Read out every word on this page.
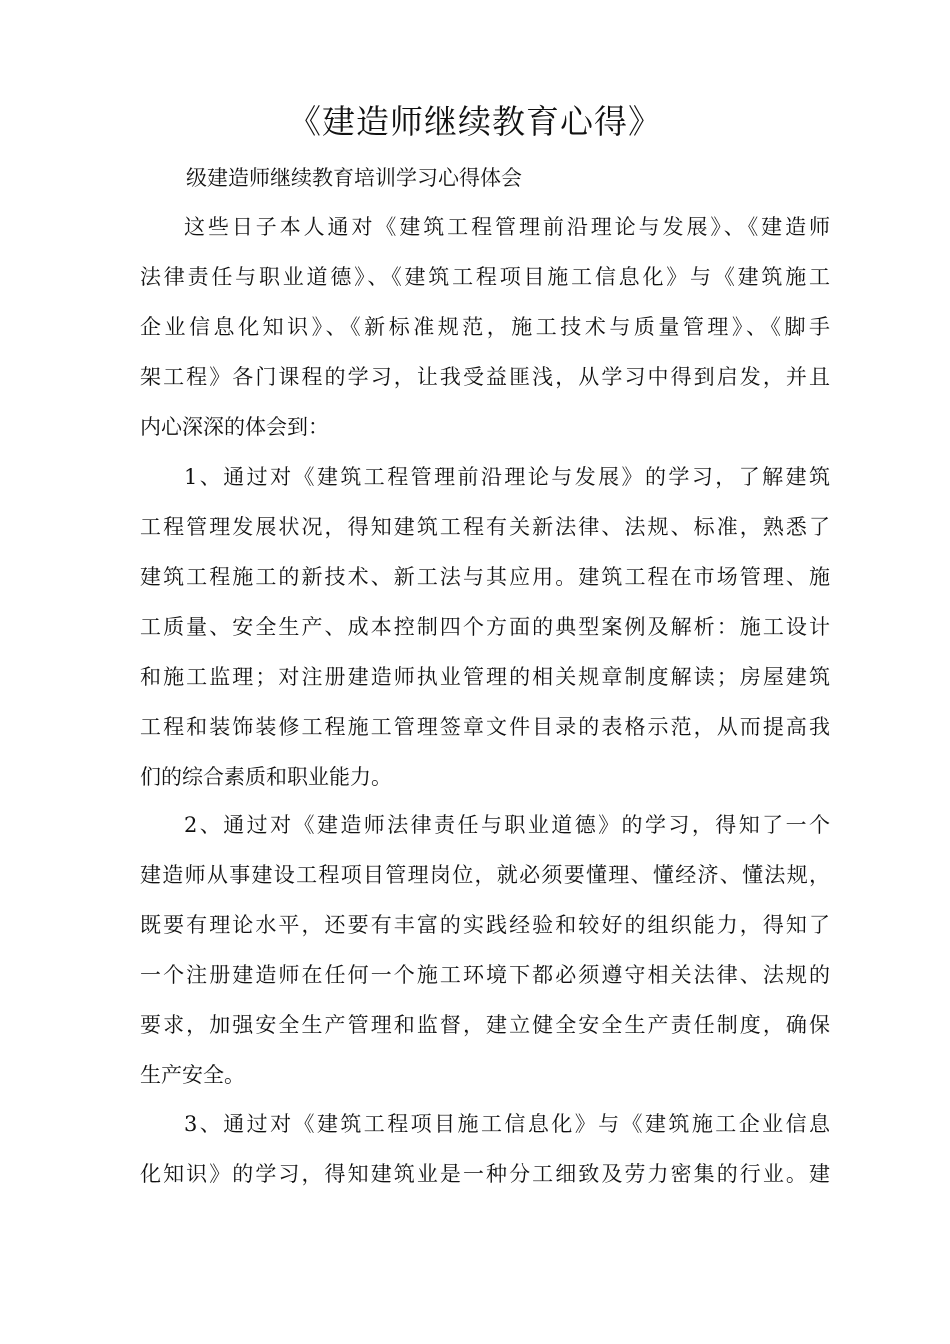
《建造师继续教育心得》

级建造师继续教育培训学习心得体会

这些日子本人通对《建筑工程管理前沿理论与发展》、《建造师
法律责任与职业道德》、《建筑工程项目施工信息化》与《建筑施工
企业信息化知识》、《新标准规范，施工技术与质量管理》、《脚手
架工程》各门课程的学习，让我受益匪浅，从学习中得到启发，并且
内心深深的体会到：

1、通过对《建筑工程管理前沿理论与发展》的学习，了解建筑
工程管理发展状况，得知建筑工程有关新法律、法规、标准，熟悉了
建筑工程施工的新技术、新工法与其应用。建筑工程在市场管理、施
工质量、安全生产、成本控制四个方面的典型案例及解析：施工设计
和施工监理；对注册建造师执业管理的相关规章制度解读；房屋建筑
工程和装饰装修工程施工管理签章文件目录的表格示范，从而提高我
们的综合素质和职业能力。

2、通过对《建造师法律责任与职业道德》的学习，得知了一个
建造师从事建设工程项目管理岗位，就必须要懂理、懂经济、懂法规，
既要有理论水平，还要有丰富的实践经验和较好的组织能力，得知了
一个注册建造师在任何一个施工环境下都必须遵守相关法律、法规的
要求，加强安全生产管理和监督，建立健全安全生产责任制度，确保
生产安全。

3、通过对《建筑工程项目施工信息化》与《建筑施工企业信息
化知识》的学习，得知建筑业是一种分工细致及劳力密集的行业。建
